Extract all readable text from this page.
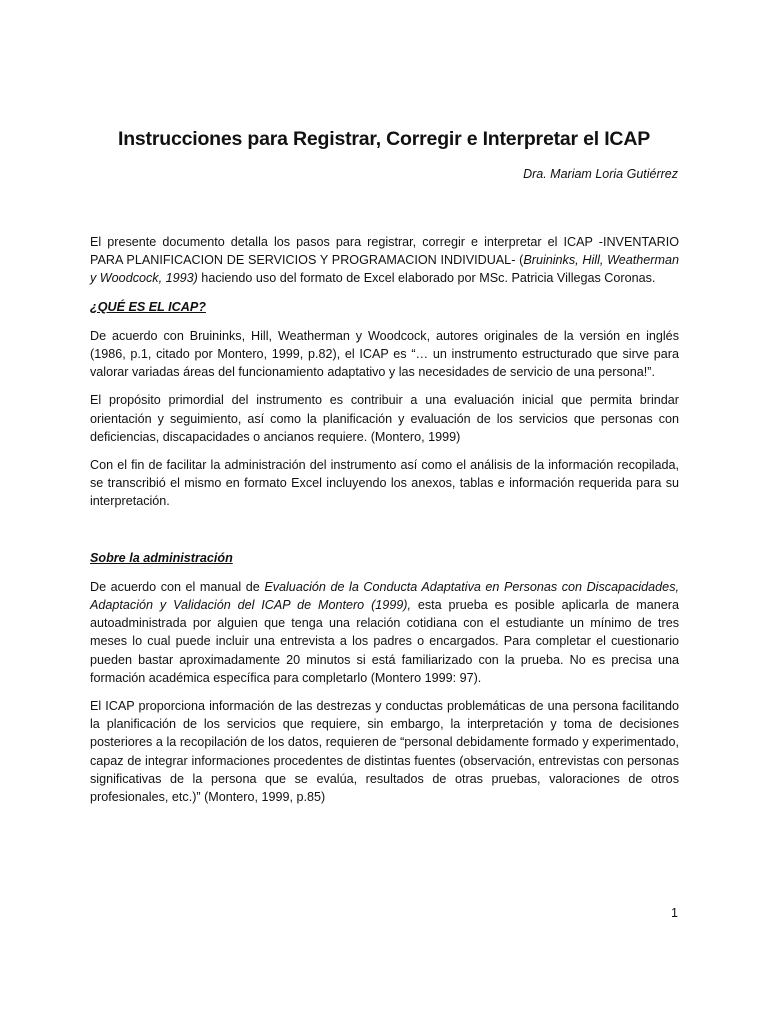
Instrucciones para Registrar, Corregir e Interpretar el ICAP

Dra. Mariam Loria Gutiérrez

El presente documento detalla los pasos para registrar, corregir e interpretar el ICAP -INVENTARIO PARA PLANIFICACION DE SERVICIOS Y PROGRAMACION INDIVIDUAL- (Bruininks, Hill, Weatherman y Woodcock, 1993) haciendo uso del formato de Excel elaborado por MSc. Patricia Villegas Coronas.

¿QUÉ ES EL ICAP?

De acuerdo con Bruininks, Hill, Weatherman y Woodcock, autores originales de la versión en inglés (1986, p.1, citado por Montero, 1999, p.82), el ICAP es “… un instrumento estructurado que sirve para valorar variadas áreas del funcionamiento adaptativo y las necesidades de servicio de una persona!”.

El propósito primordial del instrumento es contribuir a una evaluación inicial que permita brindar orientación y seguimiento, así como la planificación y evaluación de los servicios que personas con deficiencias, discapacidades o ancianos requiere. (Montero, 1999)

Con el fin de facilitar la administración del instrumento así como el análisis de la información recopilada, se transcribió el mismo en formato Excel incluyendo los anexos, tablas e información requerida para su interpretación.

Sobre la administración

De acuerdo con el manual de Evaluación de la Conducta Adaptativa en Personas con Discapacidades, Adaptación y Validación del ICAP de Montero (1999), esta prueba es posible aplicarla de manera autoadministrada por alguien que tenga una relación cotidiana con el estudiante un mínimo de tres meses lo cual puede incluir una entrevista a los padres o encargados. Para completar el cuestionario pueden bastar aproximadamente 20 minutos si está familiarizado con la prueba. No es precisa una formación académica específica para completarlo (Montero 1999: 97).

El ICAP proporciona información de las destrezas y conductas problemáticas de una persona facilitando la planificación de los servicios que requiere, sin embargo, la interpretación y toma de decisiones posteriores a la recopilación de los datos, requieren de “personal debidamente formado y experimentado, capaz de integrar informaciones procedentes de distintas fuentes (observación, entrevistas con personas significativas de la persona que se evalúa, resultados de otras pruebas, valoraciones de otros profesionales, etc.)” (Montero, 1999, p.85)

1
